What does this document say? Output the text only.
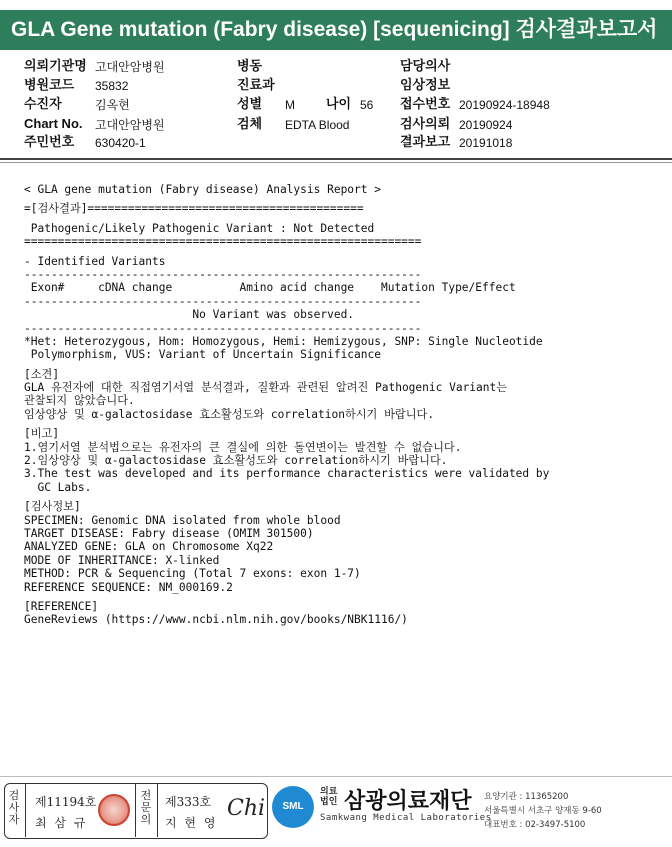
GLA Gene mutation (Fabry disease) [sequenicing] 검사결과보고서
의뢰기관명 고대안암병원
병원코드 35832
수진자	김옥현
Chart No. 고대안암병원
주민번호 630420-1
병동
진료과
성별 M 나이 56
검체 EDTA Blood
담당의사
임상정보
접수번호 20190924-18948
검사의뢰 20190924
결과보고 20191018
< GLA gene mutation (Fabry disease) Analysis Report >
=[검사결과]=========================================
Pathogenic/Likely Pathogenic Variant : Not Detected
===========================================================
- Identified Variants
-----------------------------------------------------------
Exon#     cDNA change          Amino acid change    Mutation Type/Effect
-----------------------------------------------------------
No Variant was observed.
-----------------------------------------------------------
*Het: Heterozygous, Hom: Homozygous, Hemi: Hemizygous, SNP: Single Nucleotide
Polymorphism, VUS: Variant of Uncertain Significance
[소견]
GLA 유전자에 대한 직접염기서열 분석결과, 질환과 관련된 알려진 Pathogenic Variant는
관찰되지 않았습니다.
임상양상 및 α-galactosidase 효소활성도와 correlation하시기 바랍니다.
[비고]
1.염기서열 분석법으로는 유전자의 큰 결실에 의한 돌연변이는 발견할 수 없습니다.
2.임상양상 및 α-galactosidase 효소활성도와 correlation하시기 바랍니다.
3.The test was developed and its performance characteristics were validated by
GC Labs.
[검사정보]
SPECIMEN: Genomic DNA isolated from whole blood
TARGET DISEASE: Fabry disease (OMIM 301500)
ANALYZED GENE: GLA on Chromosome Xq22
MODE OF INHERITANCE: X-linked
METHOD: PCR & Sequencing (Total 7 exons: exon 1-7)
REFERENCE SEQUENCE: NM_000169.2
[REFERENCE]
GeneReviews (https://www.ncbi.nlm.nih.gov/books/NBK1116/)
검사자
제11194호
최 삼 규
전문의
제333호
지 현 영
Chi	SML
의료법인 삼광의료재단
Samkwang Medical Laboratories
요양기관 : 11365200
서울특별시 서초구 양재동 9-60
대표번호 : 02-3497-5100
